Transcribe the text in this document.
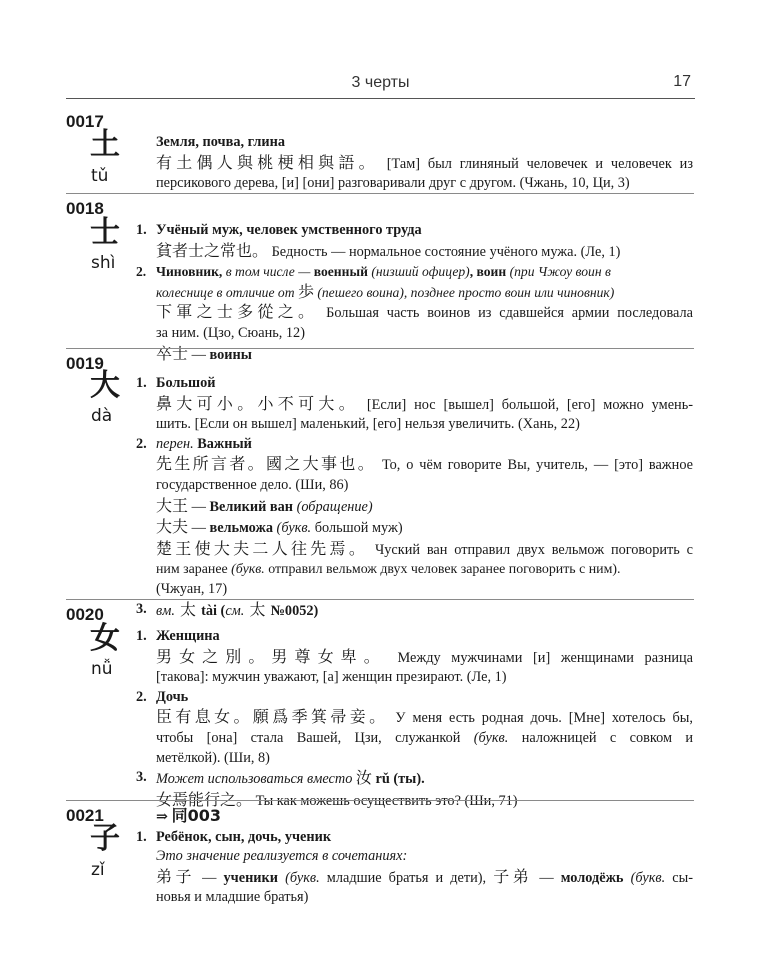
3 черты	17
0017
土
tǔ
Земля, почва, глина
有土偶人與桃梗相與語。 [Там] был глиняный человечек и человечек из
персикового дерева, [и] [они] разговаривали друг с другом. (Чжань, 10, Ци, 3)
0018
士
shì
1. Учёный муж, человек умственного труда
貧者士之常也。 Бедность — нормальное состояние учёного мужа. (Ле, 1)
2. Чиновник, в том числе — военный (низший офицер), воин (при Чжоу воин в
колеснице в отличие от 歩 (пешего воина), позднее просто воин или чиновник)
下軍之士多從之。 Большая часть воинов из сдавшейся армии последовала
за ним. (Цзо, Сюань, 12)
卒士 — воины
0019
大
dà
1. Большой
鼻大可小。小不可大。 [Если] нос [вышел] большой, [его] можно умень-
шить. [Если он вышел] маленький, [его] нельзя увеличить. (Хань, 22)
2. перен. Важный
先生所言者。國之大事也。 То, о чём говорите Вы, учитель, — [это] важное
государственное дело. (Ши, 86)
大王 — Великий ван (обращение)
大夫 — вельможа (букв. большой муж)
楚王使大夫二人往先焉。 Чуский ван отправил двух вельмож поговорить с
ним заранее (букв. отправил вельмож двух человек заранее поговорить с ним).
(Чжуан, 17)
3. вм. 太 tài (см. 太 №0052)
0020
女
nǚ
1. Женщина
男女之別。男尊女卑。 Между мужчинами [и] женщинами разница
[такова]: мужчин уважают, [а] женщин презирают. (Ле, 1)
2. Дочь
臣有息女。願爲季箕帚妾。 У меня есть родная дочь. [Мне] хотелось бы,
чтобы [она] стала Вашей, Цзи, служанкой (букв. наложницей с совком и
метёлкой). (Ши, 8)
3. Может использоваться вместо 汝 rǔ (ты).
女焉能行之。 Ты как можешь осуществить это? (Ши, 71)
0021
子
zǐ
⇒ 同003
1. Ребёнок, сын, дочь, ученик
Это значение реализуется в сочетаниях:
弟子 — ученики (букв. младшие братья и дети), 子弟 — молодёжь (букв. сы-
новья и младшие братья)
